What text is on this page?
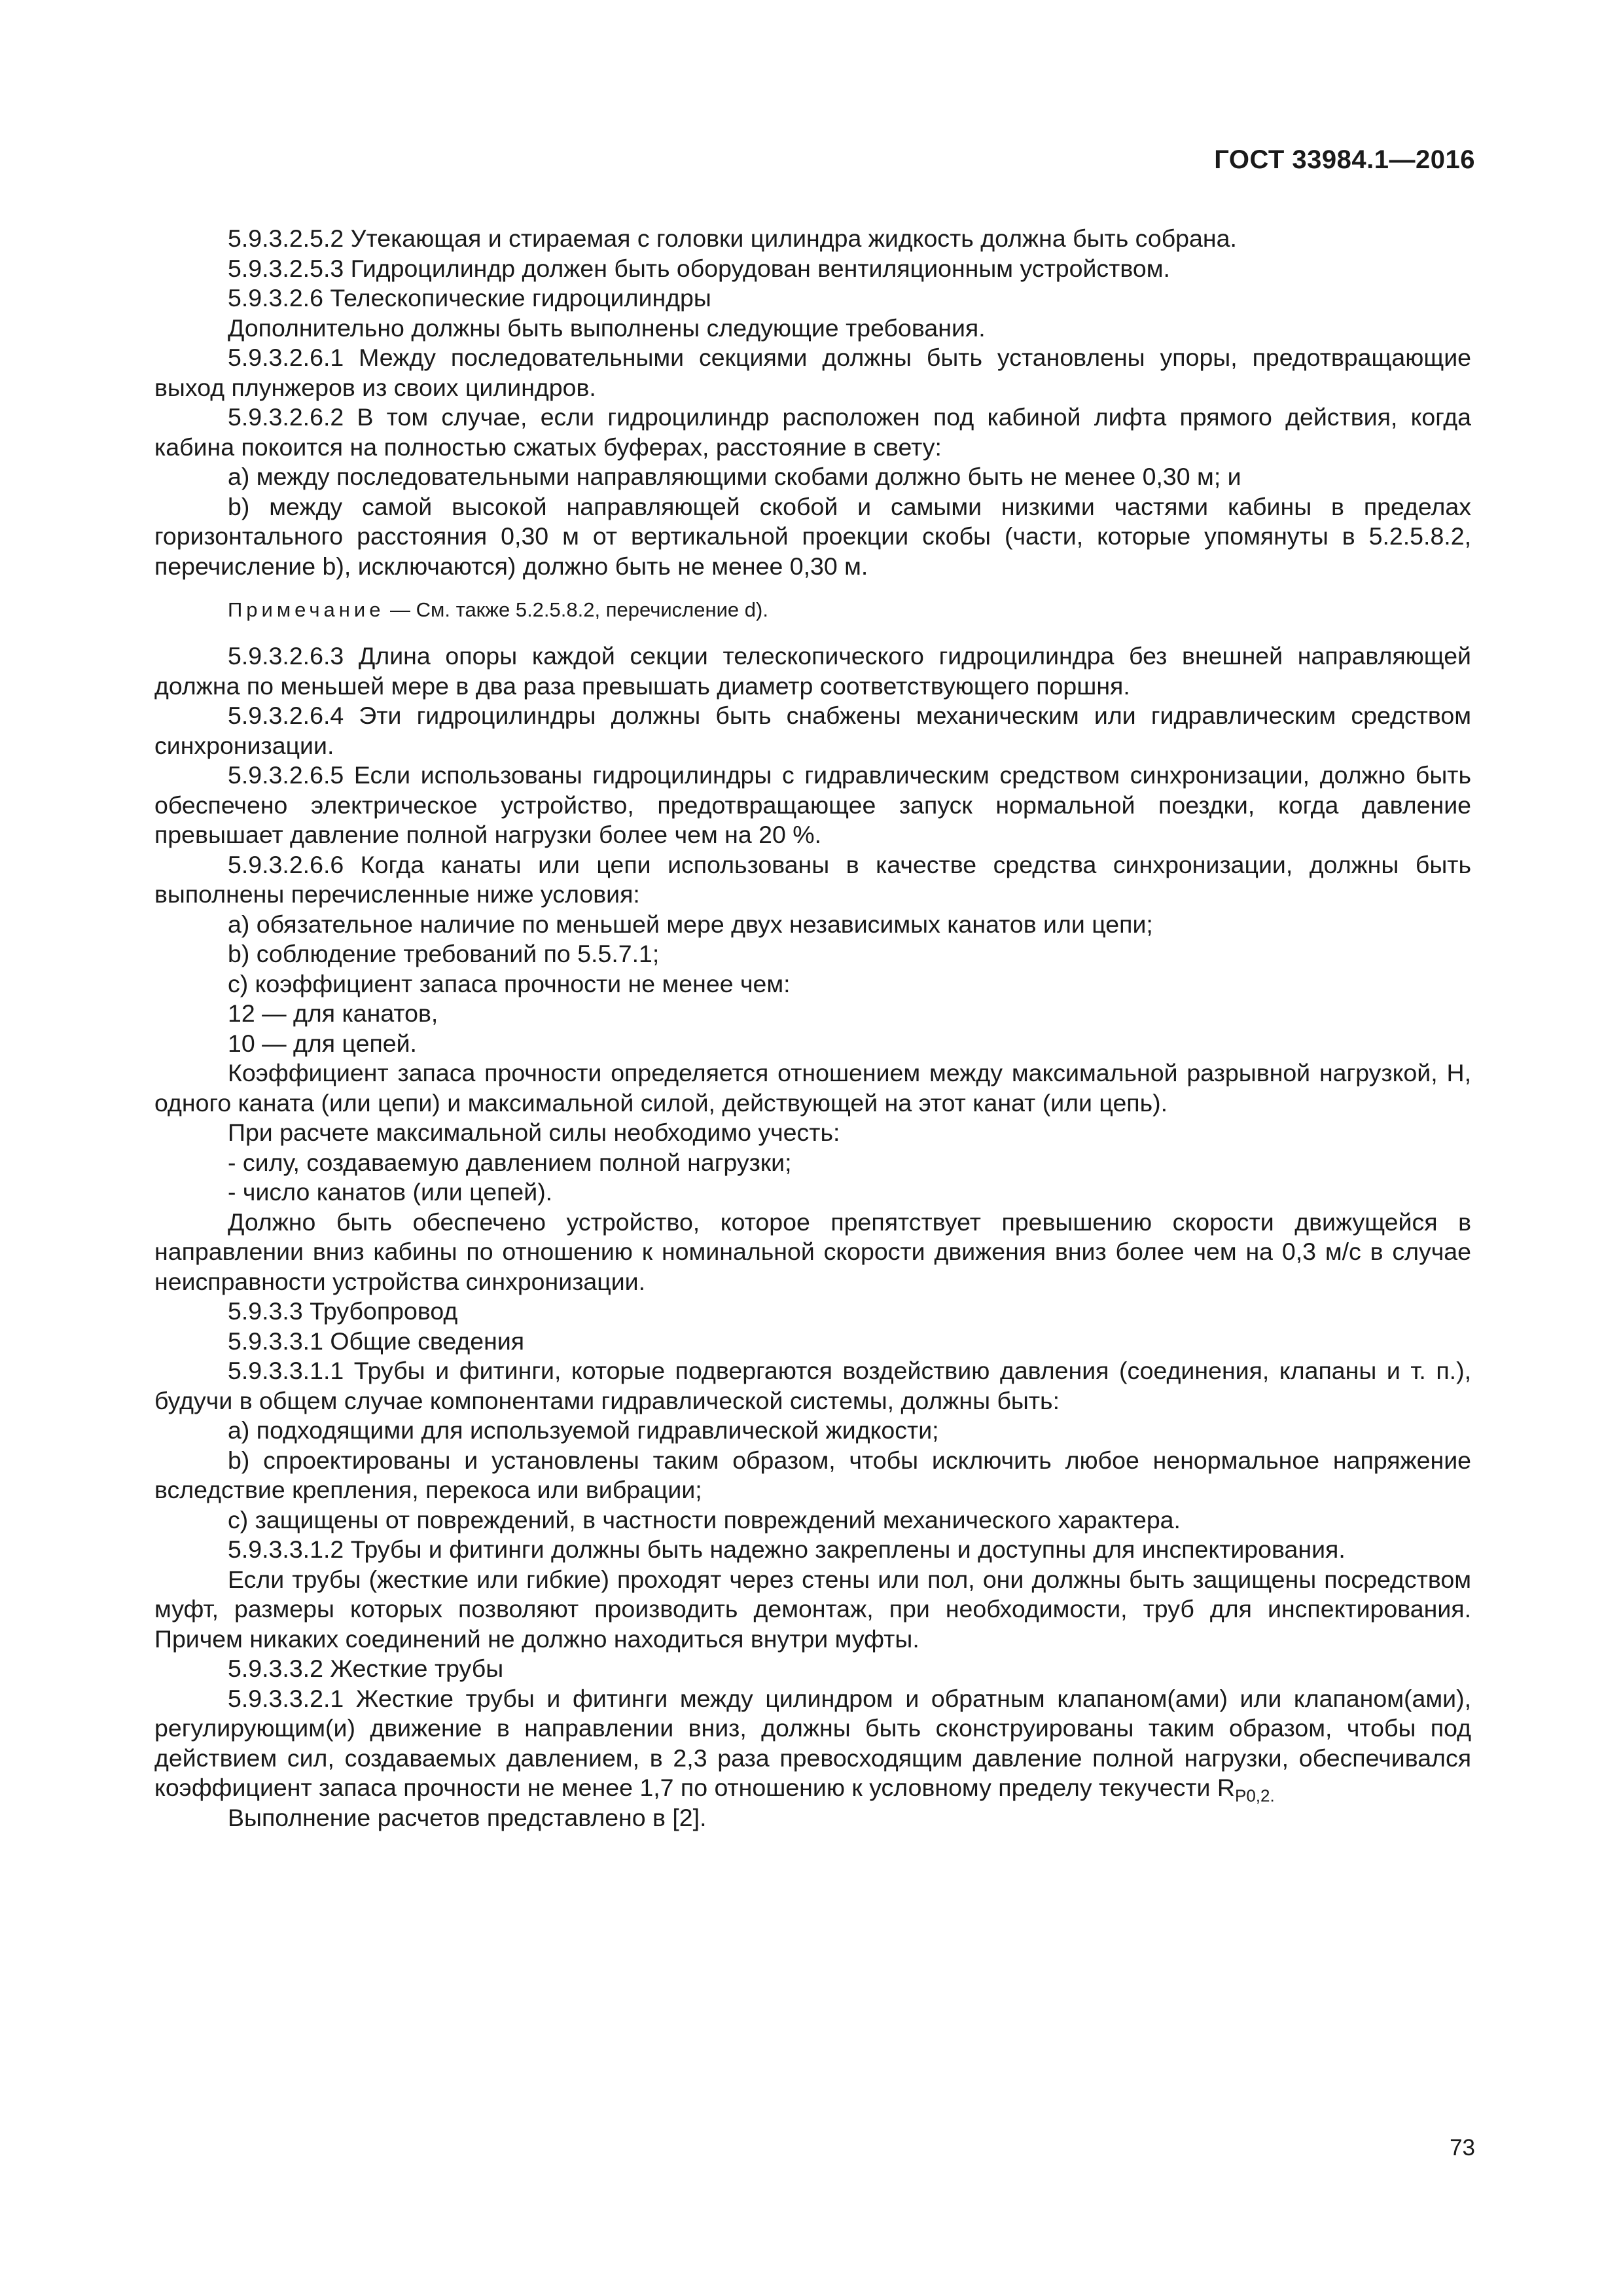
ГОСТ 33984.1—2016

5.9.3.2.5.2 Утекающая и стираемая с головки цилиндра жидкость должна быть собрана.

5.9.3.2.5.3 Гидроцилиндр должен быть оборудован вентиляционным устройством.

5.9.3.2.6 Телескопические гидроцилиндры

Дополнительно должны быть выполнены следующие требования.

5.9.3.2.6.1 Между последовательными секциями должны быть установлены упоры, предотвращающие выход плунжеров из своих цилиндров.

5.9.3.2.6.2 В том случае, если гидроцилиндр расположен под кабиной лифта прямого действия, когда кабина покоится на полностью сжатых буферах, расстояние в свету:

а) между последовательными направляющими скобами должно быть не менее 0,30 м; и

b) между самой высокой направляющей скобой и самыми низкими частями кабины в пределах горизонтального расстояния 0,30 м от вертикальной проекции скобы (части, которые упомянуты в 5.2.5.8.2, перечисление b), исключаются) должно быть не менее 0,30 м.

Примечание — См. также 5.2.5.8.2, перечисление d).

5.9.3.2.6.3 Длина опоры каждой секции телескопического гидроцилиндра без внешней направляющей должна по меньшей мере в два раза превышать диаметр соответствующего поршня.

5.9.3.2.6.4 Эти гидроцилиндры должны быть снабжены механическим или гидравлическим средством синхронизации.

5.9.3.2.6.5 Если использованы гидроцилиндры с гидравлическим средством синхронизации, должно быть обеспечено электрическое устройство, предотвращающее запуск нормальной поездки, когда давление превышает давление полной нагрузки более чем на 20 %.

5.9.3.2.6.6 Когда канаты или цепи использованы в качестве средства синхронизации, должны быть выполнены перечисленные ниже условия:

а) обязательное наличие по меньшей мере двух независимых канатов или цепи;

b) соблюдение требований по 5.5.7.1;

с) коэффициент запаса прочности не менее чем:

12 — для канатов,

10 — для цепей.

Коэффициент запаса прочности определяется отношением между максимальной разрывной нагрузкой, Н, одного каната (или цепи) и максимальной силой, действующей на этот канат (или цепь).

При расчете максимальной силы необходимо учесть:

- силу, создаваемую давлением полной нагрузки;

- число канатов (или цепей).

Должно быть обеспечено устройство, которое препятствует превышению скорости движущейся в направлении вниз кабины по отношению к номинальной скорости движения вниз более чем на 0,3 м/с в случае неисправности устройства синхронизации.

5.9.3.3 Трубопровод

5.9.3.3.1 Общие сведения

5.9.3.3.1.1 Трубы и фитинги, которые подвергаются воздействию давления (соединения, клапаны и т. п.), будучи в общем случае компонентами гидравлической системы, должны быть:

а) подходящими для используемой гидравлической жидкости;

b) спроектированы и установлены таким образом, чтобы исключить любое ненормальное напряжение вследствие крепления, перекоса или вибрации;

с) защищены от повреждений, в частности повреждений механического характера.

5.9.3.3.1.2 Трубы и фитинги должны быть надежно закреплены и доступны для инспектирования.

Если трубы (жесткие или гибкие) проходят через стены или пол, они должны быть защищены посредством муфт, размеры которых позволяют производить демонтаж, при необходимости, труб для инспектирования. Причем никаких соединений не должно находиться внутри муфты.

5.9.3.3.2 Жесткие трубы

5.9.3.3.2.1 Жесткие трубы и фитинги между цилиндром и обратным клапаном(ами) или клапаном(ами), регулирующим(и) движение в направлении вниз, должны быть сконструированы таким образом, чтобы под действием сил, создаваемых давлением, в 2,3 раза превосходящим давление полной нагрузки, обеспечивался коэффициент запаса прочности не менее 1,7 по отношению к условному пределу текучести $R_{P0,2.}$

Выполнение расчетов представлено в [2].

73
